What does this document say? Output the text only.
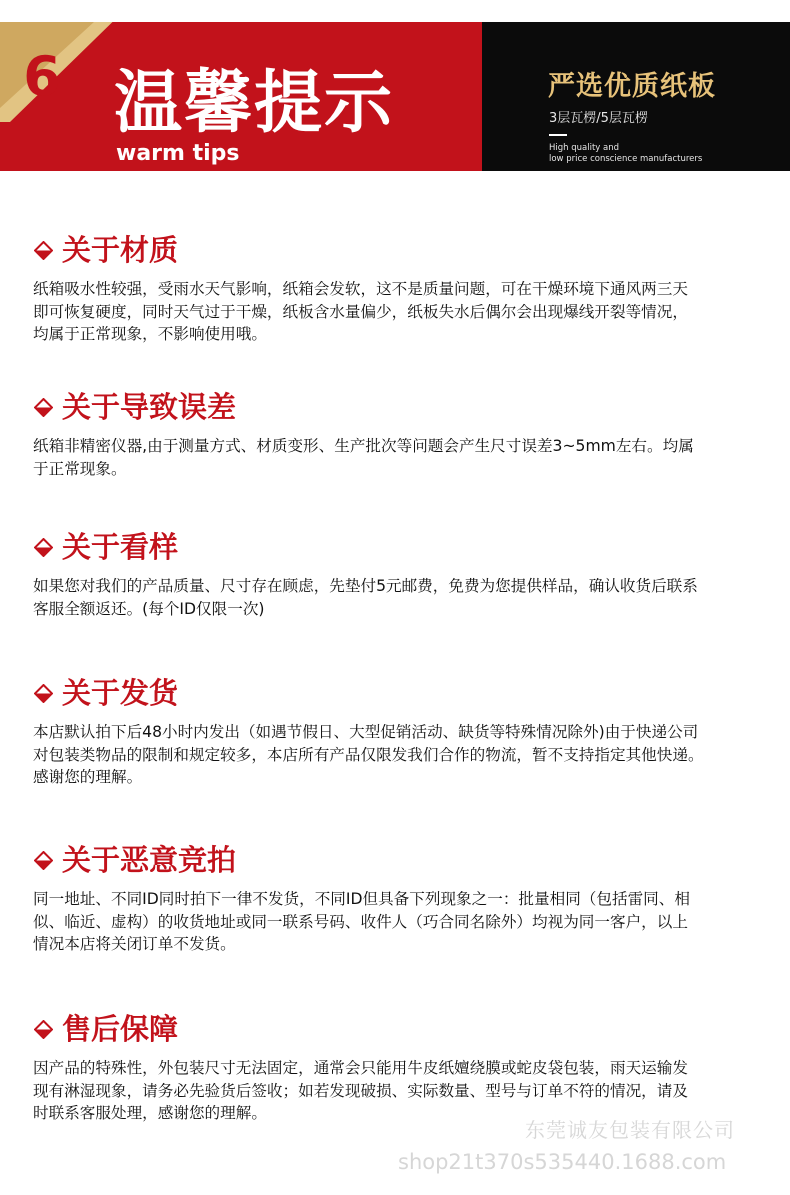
6 温馨提示
warm tips
严选优质纸板
3层瓦楞/5层瓦楞
High quality and
low price conscience manufacturers
关于材质
纸箱吸水性较强，受雨水天气影响，纸箱会发软，这不是质量问题，可在干燥环境下通风两三天
即可恢复硬度，同时天气过于干燥，纸板含水量偏少，纸板失水后偶尔会出现爆线开裂等情况，
均属于正常现象，不影响使用哦。
关于导致误差
纸箱非精密仪器,由于测量方式、材质变形、生产批次等问题会产生尺寸误差3~5mm左右。均属
于正常现象。
关于看样
如果您对我们的产品质量、尺寸存在顾虑，先垫付5元邮费，免费为您提供样品，确认收货后联系
客服全额返还。(每个ID仅限一次)
关于发货
本店默认拍下后48小时内发出（如遇节假日、大型促销活动、缺货等特殊情况除外)由于快递公司
对包装类物品的限制和规定较多，本店所有产品仅限发我们合作的物流，暂不支持指定其他快递。
感谢您的理解。
关于恶意竞拍
同一地址、不同ID同时拍下一律不发货，不同ID但具备下列现象之一：批量相同（包括雷同、相
似、临近、虚构）的收货地址或同一联系号码、收件人（巧合同名除外）均视为同一客户，以上
情况本店将关闭订单不发货。
售后保障
因产品的特殊性，外包装尺寸无法固定，通常会只能用牛皮纸嬗绕膜或蛇皮袋包装，雨天运输发
现有淋湿现象，请务必先验货后签收；如若发现破损、实际数量、型号与订单不符的情况，请及
时联系客服处理，感谢您的理解。
东莞诚友包装有限公司
shop21t370s535440.1688.com
